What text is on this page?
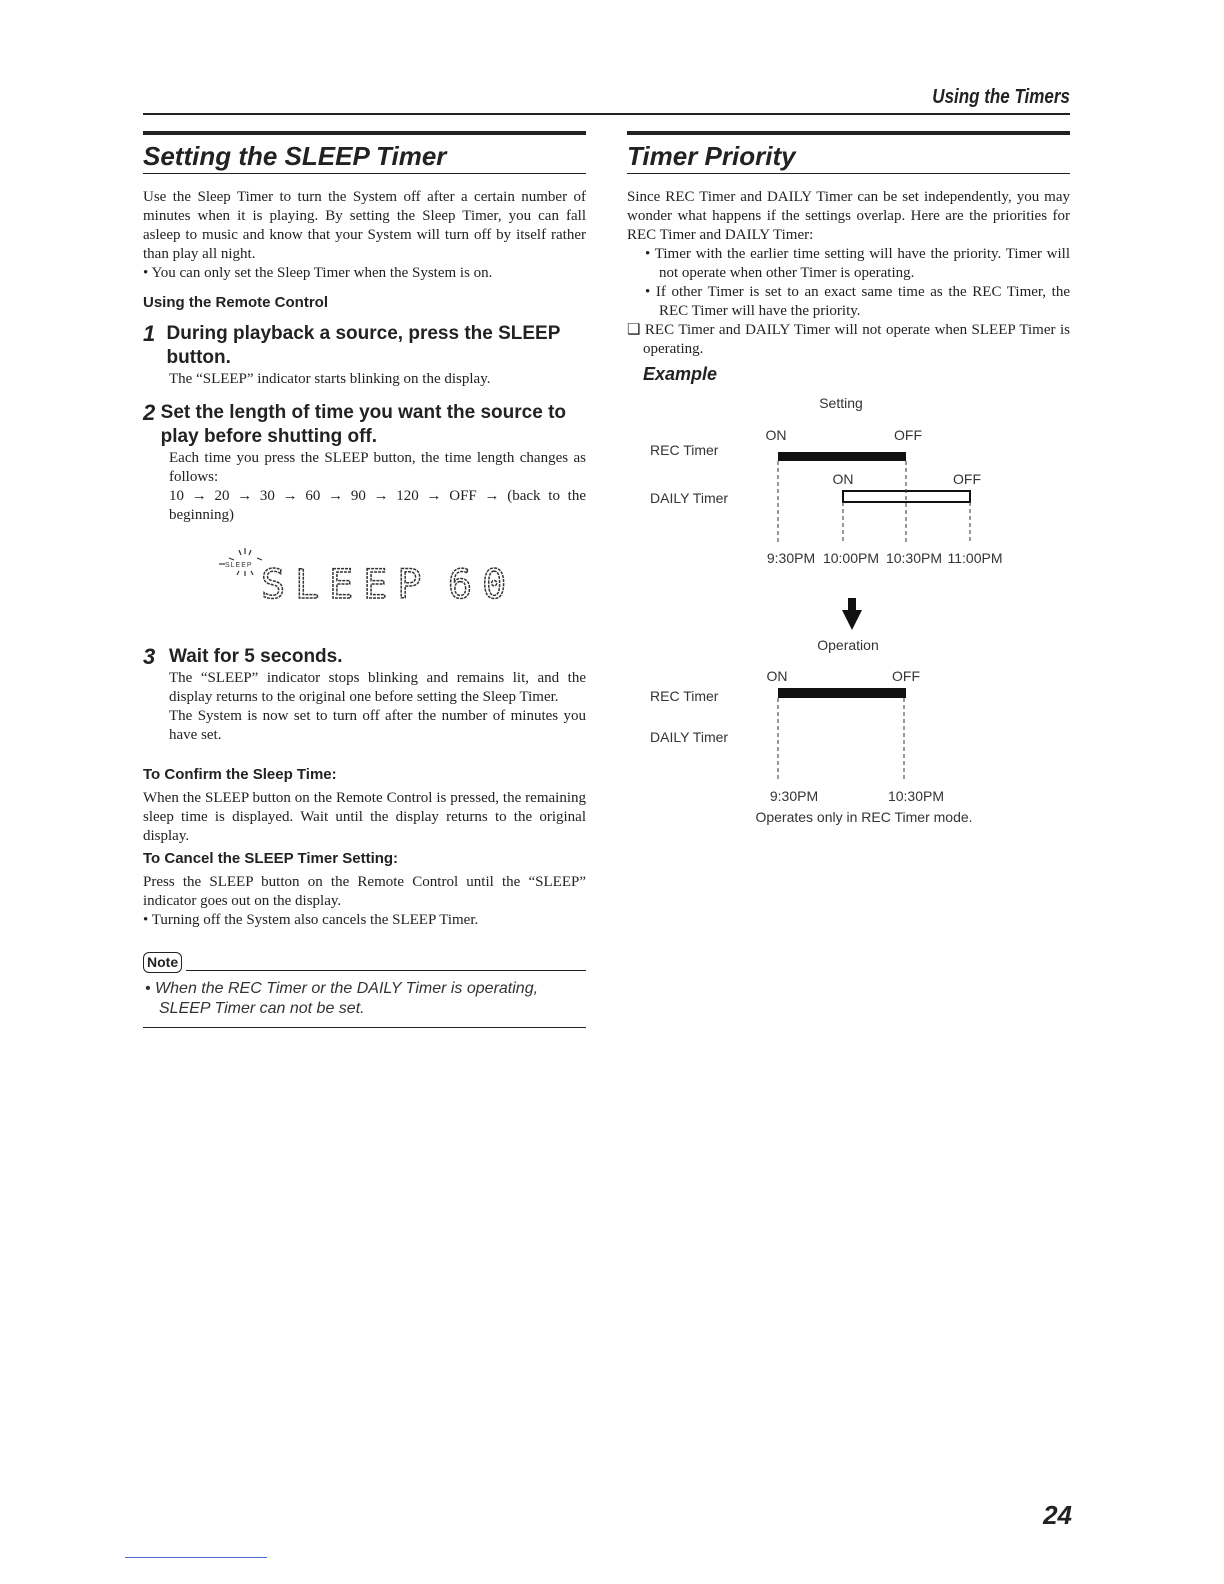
Using the Timers
Setting the SLEEP Timer

Use the Sleep Timer to turn the System off after a certain number of minutes when it is playing. By setting the Sleep Timer, you can fall asleep to music and know that your System will turn off by itself rather than play all night.

• You can only set the Sleep Timer when the System is on.

Using the Remote Control
1 During playback a source, press the SLEEP button.

The “SLEEP” indicator starts blinking on the display.

2 Set the length of time you want the source to play before shutting off.

Each time you press the SLEEP button, the time length changes as follows:

10 → 20 → 30 → 60 → 90 → 120 → OFF → (back to the beginning)

SLEEP SLEEP 60
3 Wait for 5 seconds.

The “SLEEP” indicator stops blinking and remains lit, and the display returns to the original one before setting the Sleep Timer.

The System is now set to turn off after the number of minutes you have set.

To Confirm the Sleep Time:

When the SLEEP button on the Remote Control is pressed, the remaining sleep time is displayed. Wait until the display returns to the original display.

To Cancel the SLEEP Timer Setting:

Press the SLEEP button on the Remote Control until the “SLEEP” indicator goes out on the display.

• Turning off the System also cancels the SLEEP Timer.

Note
• When the REC Timer or the DAILY Timer is operating, SLEEP Timer can not be set.
Timer Priority

Since REC Timer and DAILY Timer can be set independently, you may wonder what happens if the settings overlap. Here are the priorities for REC Timer and DAILY Timer:

• Timer with the earlier time setting will have the priority. Timer will not operate when other Timer is operating.

• If other Timer is set to an exact same time as the REC Timer, the REC Timer will have the priority.

❑ REC Timer and DAILY Timer will not operate when SLEEP Timer is operating.

Example
Setting
ON	OFF
REC Timer
ON	OFF
DAILY Timer
9:30PM 10:00PM 10:30PM 11:00PM
Operation
ON	OFF
REC Timer
DAILY Timer
9:30PM	10:30PM
Operates only in REC Timer mode.
24
